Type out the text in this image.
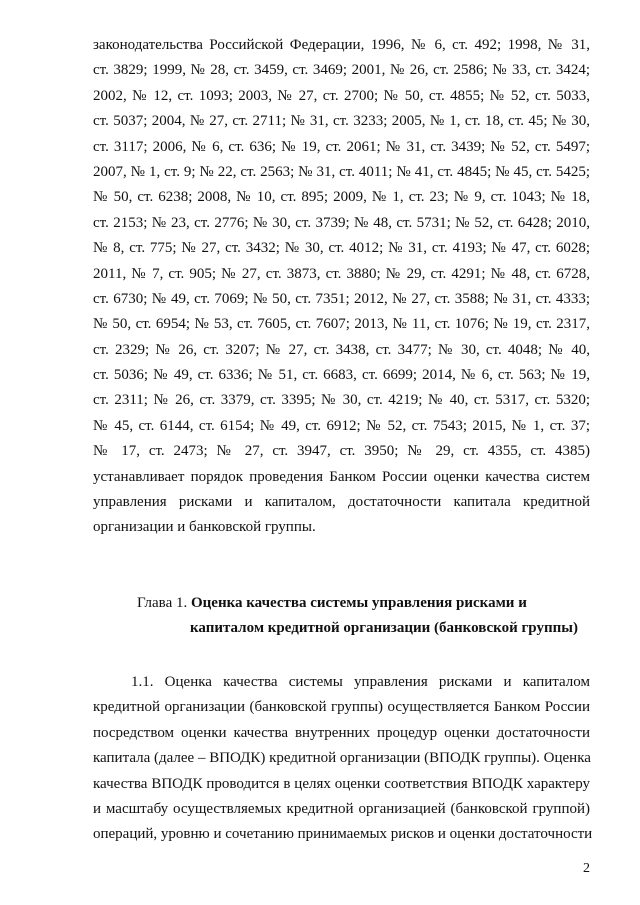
законодательства Российской Федерации, 1996, № 6, ст. 492; 1998, № 31,
ст. 3829; 1999, № 28, ст. 3459, ст. 3469; 2001, № 26, ст. 2586; № 33, ст. 3424;
2002, № 12, ст. 1093; 2003, № 27, ст. 2700; № 50, ст. 4855; № 52, ст. 5033,
ст. 5037; 2004, № 27, ст. 2711; № 31, ст. 3233; 2005, № 1, ст. 18, ст. 45; № 30,
ст. 3117; 2006, № 6, ст. 636; № 19, ст. 2061; № 31, ст. 3439; № 52, ст. 5497;
2007, № 1, ст. 9; № 22, ст. 2563; № 31, ст. 4011; № 41, ст. 4845; № 45, ст. 5425;
№ 50, ст. 6238; 2008, № 10, ст. 895; 2009, № 1, ст. 23; № 9, ст. 1043; № 18,
ст. 2153; № 23, ст. 2776; № 30, ст. 3739; № 48, ст. 5731; № 52, ст. 6428; 2010,
№ 8, ст. 775; № 27, ст. 3432; № 30, ст. 4012; № 31, ст. 4193; № 47, ст. 6028;
2011, № 7, ст. 905; № 27, ст. 3873, ст. 3880; № 29, ст. 4291; № 48, ст. 6728,
ст. 6730; № 49, ст. 7069; № 50, ст. 7351; 2012, № 27, ст. 3588; № 31, ст. 4333;
№ 50, ст. 6954; № 53, ст. 7605, ст. 7607; 2013, № 11, ст. 1076; № 19, ст. 2317,
ст. 2329; № 26, ст. 3207; № 27, ст. 3438, ст. 3477; № 30, ст. 4048; № 40,
ст. 5036; № 49, ст. 6336; № 51, ст. 6683, ст. 6699; 2014, № 6, ст. 563; № 19,
ст. 2311; № 26, ст. 3379, ст. 3395; № 30, ст. 4219; № 40, ст. 5317, ст. 5320;
№ 45, ст. 6144, ст. 6154; № 49, ст. 6912; № 52, ст. 7543; 2015, № 1, ст. 37;
№ 17, ст. 2473; № 27, ст. 3947, ст. 3950; № 29, ст. 4355, ст. 4385)
устанавливает порядок проведения Банком России оценки качества систем
управления рисками и капиталом, достаточности капитала кредитной
организации и банковской группы.
Глава 1. Оценка качества системы управления рисками и
капиталом кредитной организации (банковской группы)
1.1. Оценка качества системы управления рисками и капиталом
кредитной организации (банковской группы) осуществляется Банком России
посредством оценки качества внутренних процедур оценки достаточности
капитала (далее – ВПОДК) кредитной организации (ВПОДК группы). Оценка
качества ВПОДК проводится в целях оценки соответствия ВПОДК характеру
и масштабу осуществляемых кредитной организацией (банковской группой)
операций, уровню и сочетанию принимаемых рисков и оценки достаточности
2
